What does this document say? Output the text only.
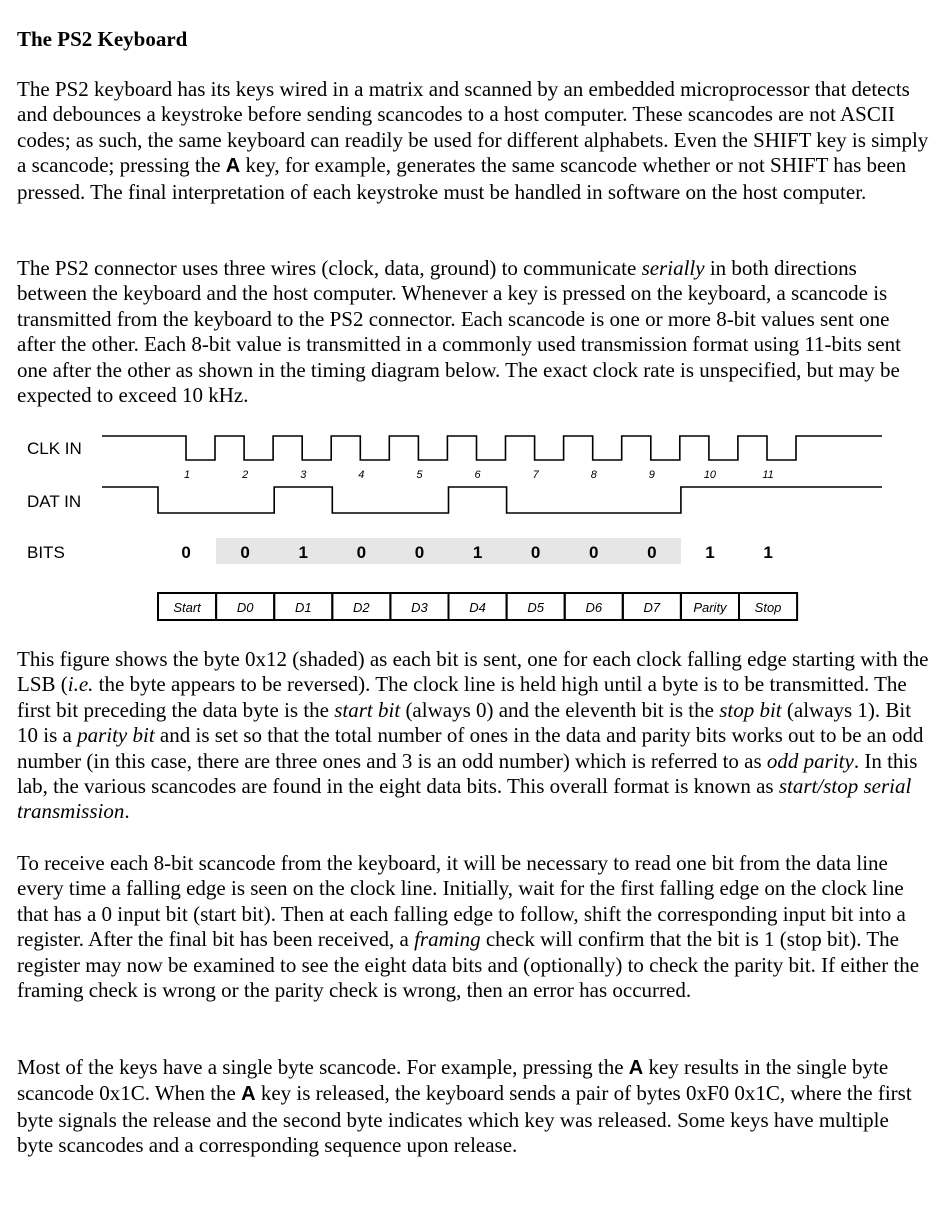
The PS2 Keyboard

The PS2 keyboard has its keys wired in a matrix and scanned by an embedded microprocessor that detects and debounces a keystroke before sending scancodes to a host computer. These scancodes are not ASCII codes; as such, the same keyboard can readily be used for different alphabets. Even the SHIFT key is simply a scancode; pressing the A key, for example, generates the same scancode whether or not SHIFT has been pressed. The final interpretation of each keystroke must be handled in software on the host computer.

The PS2 connector uses three wires (clock, data, ground) to communicate serially in both directions between the keyboard and the host computer. Whenever a key is pressed on the keyboard, a scancode is transmitted from the keyboard to the PS2 connector. Each scancode is one or more 8-bit values sent one after the other. Each 8-bit value is transmitted in a commonly used transmission format using 11-bits sent one after the other as shown in the timing diagram below. The exact clock rate is unspecified, but may be expected to exceed 10 kHz.

This figure shows the byte 0x12 (shaded) as each bit is sent, one for each clock falling edge starting with the LSB (i.e. the byte appears to be reversed). The clock line is held high until a byte is to be transmitted. The first bit preceding the data byte is the start bit (always 0) and the eleventh bit is the stop bit (always 1). Bit 10 is a parity bit and is set so that the total number of ones in the data and parity bits works out to be an odd number (in this case, there are three ones and 3 is an odd number) which is referred to as odd parity. In this lab, the various scancodes are found in the eight data bits. This overall format is known as start/stop serial transmission.

To receive each 8-bit scancode from the keyboard, it will be necessary to read one bit from the data line every time a falling edge is seen on the clock line. Initially, wait for the first falling edge on the clock line that has a 0 input bit (start bit). Then at each falling edge to follow, shift the corresponding input bit into a register. After the final bit has been received, a framing check will confirm that the bit is 1 (stop bit). The register may now be examined to see the eight data bits and (optionally) to check the parity bit. If either the framing check is wrong or the parity check is wrong, then an error has occurred.

Most of the keys have a single byte scancode. For example, pressing the A key results in the single byte scancode 0x1C. When the A key is released, the keyboard sends a pair of bytes 0xF0 0x1C, where the first byte signals the release and the second byte indicates which key was released. Some keys have multiple byte scancodes and a corresponding sequence upon release.

CLK IN
DAT IN
BITS
1	2	3	4	5	6	7	8	9	10	11
0	0	1	0	0	1	0	0	0	1	1
Start	D0	D1	D2	D3	D4	D5	D6	D7	Parity Stop
